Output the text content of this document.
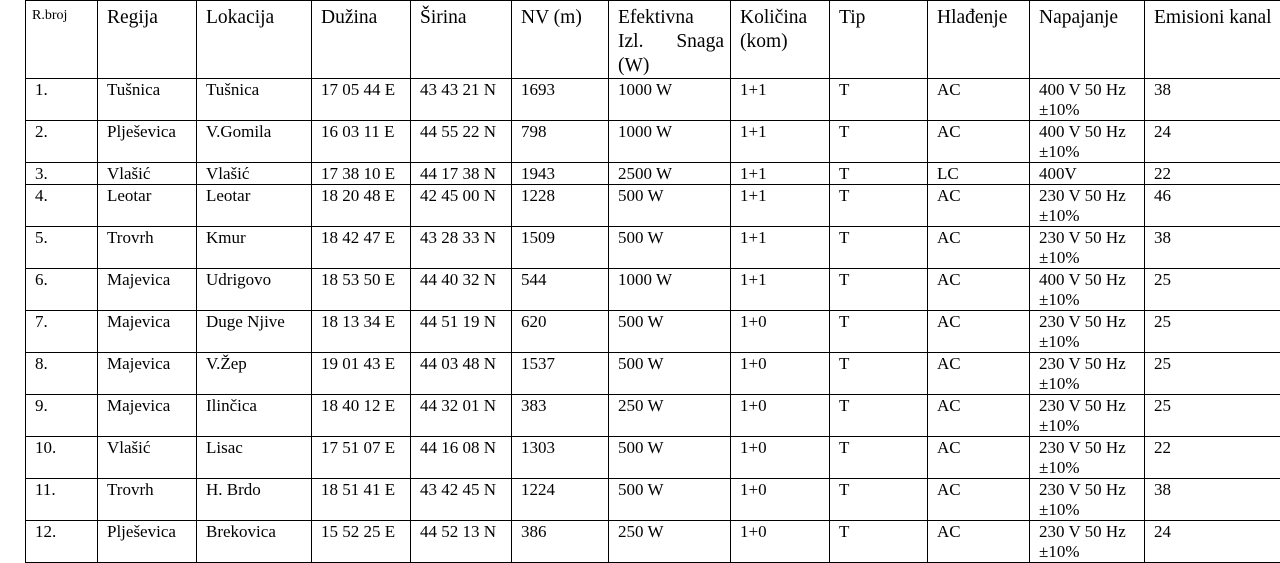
R.broj	Regija	Lokacija	Dužina	Širina	NV (m)	Efektivna Izl. Snaga (W)	Količina (kom)	Tip	Hlađenje	Napajanje	Emisioni kanal
1.	Tušnica	Tušnica	17 05 44 E	43 43 21 N	1693	1000 W	1+1	T	AC	400 V 50 Hz ±10%	38
2.	Plješevica	V.Gomila	16 03 11 E	44 55 22 N	798	1000 W	1+1	T	AC	400 V 50 Hz ±10%	24
3.	Vlašić	Vlašić	17 38 10 E	44 17 38 N	1943	2500 W	1+1	T	LC	400V	22
4.	Leotar	Leotar	18 20 48 E	42 45 00 N	1228	500 W	1+1	T	AC	230 V 50 Hz ±10%	46
5.	Trovrh	Kmur	18 42 47 E	43 28 33 N	1509	500 W	1+1	T	AC	230 V 50 Hz ±10%	38
6.	Majevica	Udrigovo	18 53 50 E	44 40 32 N	544	1000 W	1+1	T	AC	400 V 50 Hz ±10%	25
7.	Majevica	Duge Njive	18 13 34 E	44 51 19 N	620	500 W	1+0	T	AC	230 V 50 Hz ±10%	25
8.	Majevica	V.Žep	19 01 43 E	44 03 48 N	1537	500 W	1+0	T	AC	230 V 50 Hz ±10%	25
9.	Majevica	Ilinčica	18 40 12 E	44 32 01 N	383	250 W	1+0	T	AC	230 V 50 Hz ±10%	25
10.	Vlašić	Lisac	17 51 07 E	44 16 08 N	1303	500 W	1+0	T	AC	230 V 50 Hz ±10%	22
11.	Trovrh	H. Brdo	18 51 41 E	43 42 45 N	1224	500 W	1+0	T	AC	230 V 50 Hz ±10%	38
12.	Plješevica	Brekovica	15 52 25 E	44 52 13 N	386	250 W	1+0	T	AC	230 V 50 Hz ±10%	24
